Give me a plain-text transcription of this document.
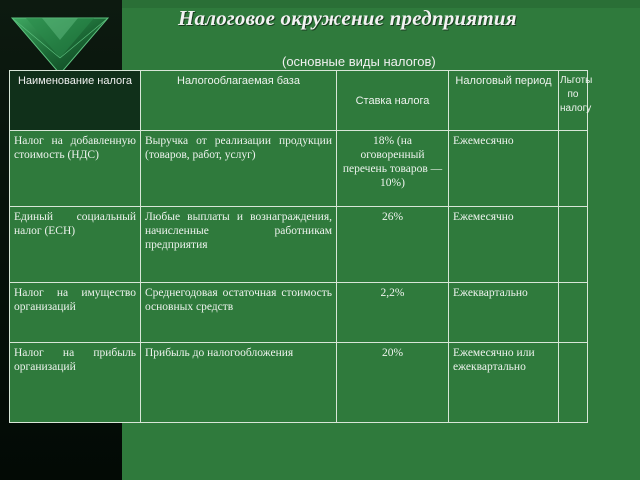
Налоговое окружение предприятия
(основные виды налогов)
Наименование налога	Налогооблагаемая база	Ставка налога	Налоговый период	Льготы по налогу
Налог на добавленную стоимость (НДС)	Выручка от реализации продукции (товаров, работ, услуг)	18% (на оговоренный перечень товаров —10%)	Ежемесячно	
Единый социальный налог (ЕСН)	Любые выплаты и вознаграждения, начисленные работникам предприятия	26%	Ежемесячно	
Налог на имущество организаций	Среднегодовая остаточная стоимость основных средств	2,2%	Ежеквартально	
Налог на прибыль организаций	Прибыль до налогообложения	20%	Ежемесячно или ежеквартально	
